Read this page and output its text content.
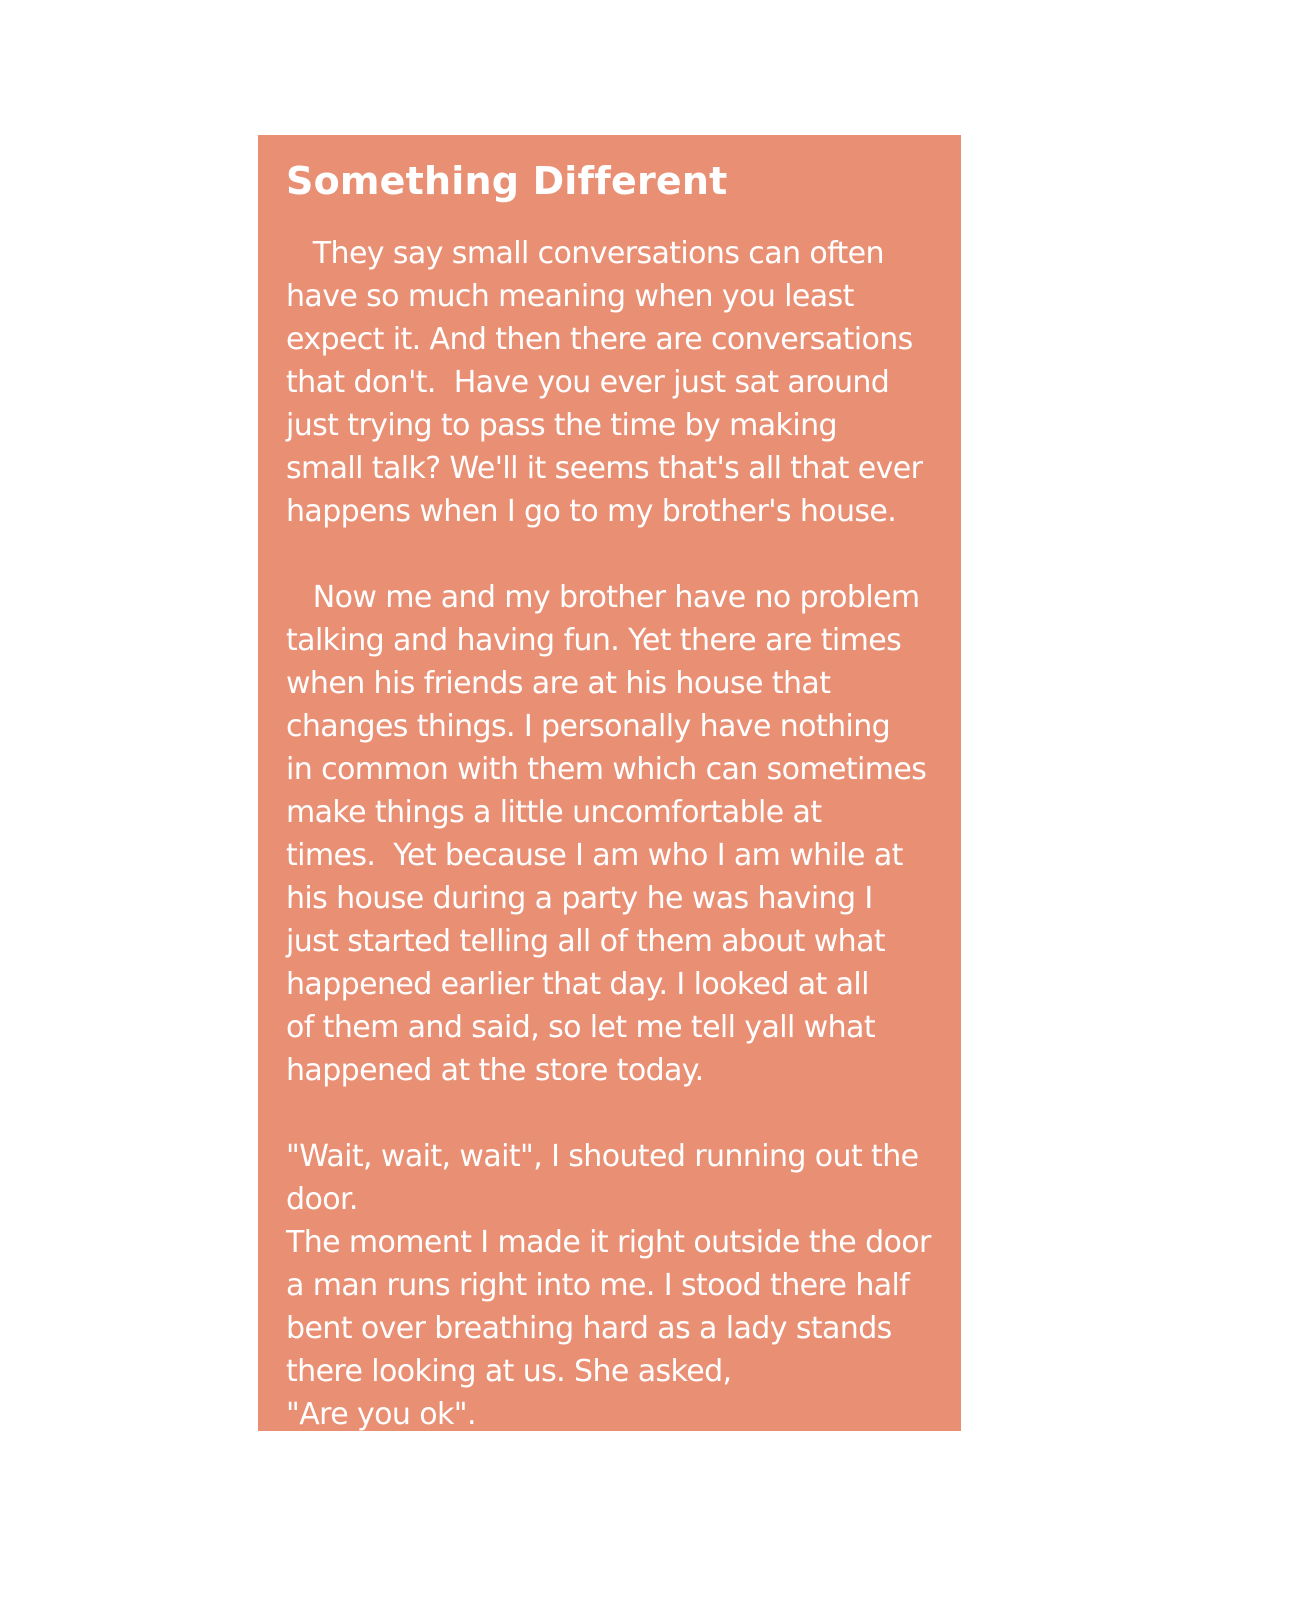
Something Different
They say small conversations can often
have so much meaning when you least
expect it. And then there are conversations
that don't.  Have you ever just sat around
just trying to pass the time by making
small talk? We'll it seems that's all that ever
happens when I go to my brother's house.
Now me and my brother have no problem
talking and having fun. Yet there are times
when his friends are at his house that
changes things. I personally have nothing
in common with them which can sometimes
make things a little uncomfortable at
times.  Yet because I am who I am while at
his house during a party he was having I
just started telling all of them about what
happened earlier that day. I looked at all
of them and said, so let me tell yall what
happened at the store today.
"Wait, wait, wait", I shouted running out the
door.
The moment I made it right outside the door
a man runs right into me. I stood there half
bent over breathing hard as a lady stands
there looking at us. She asked,
"Are you ok".
